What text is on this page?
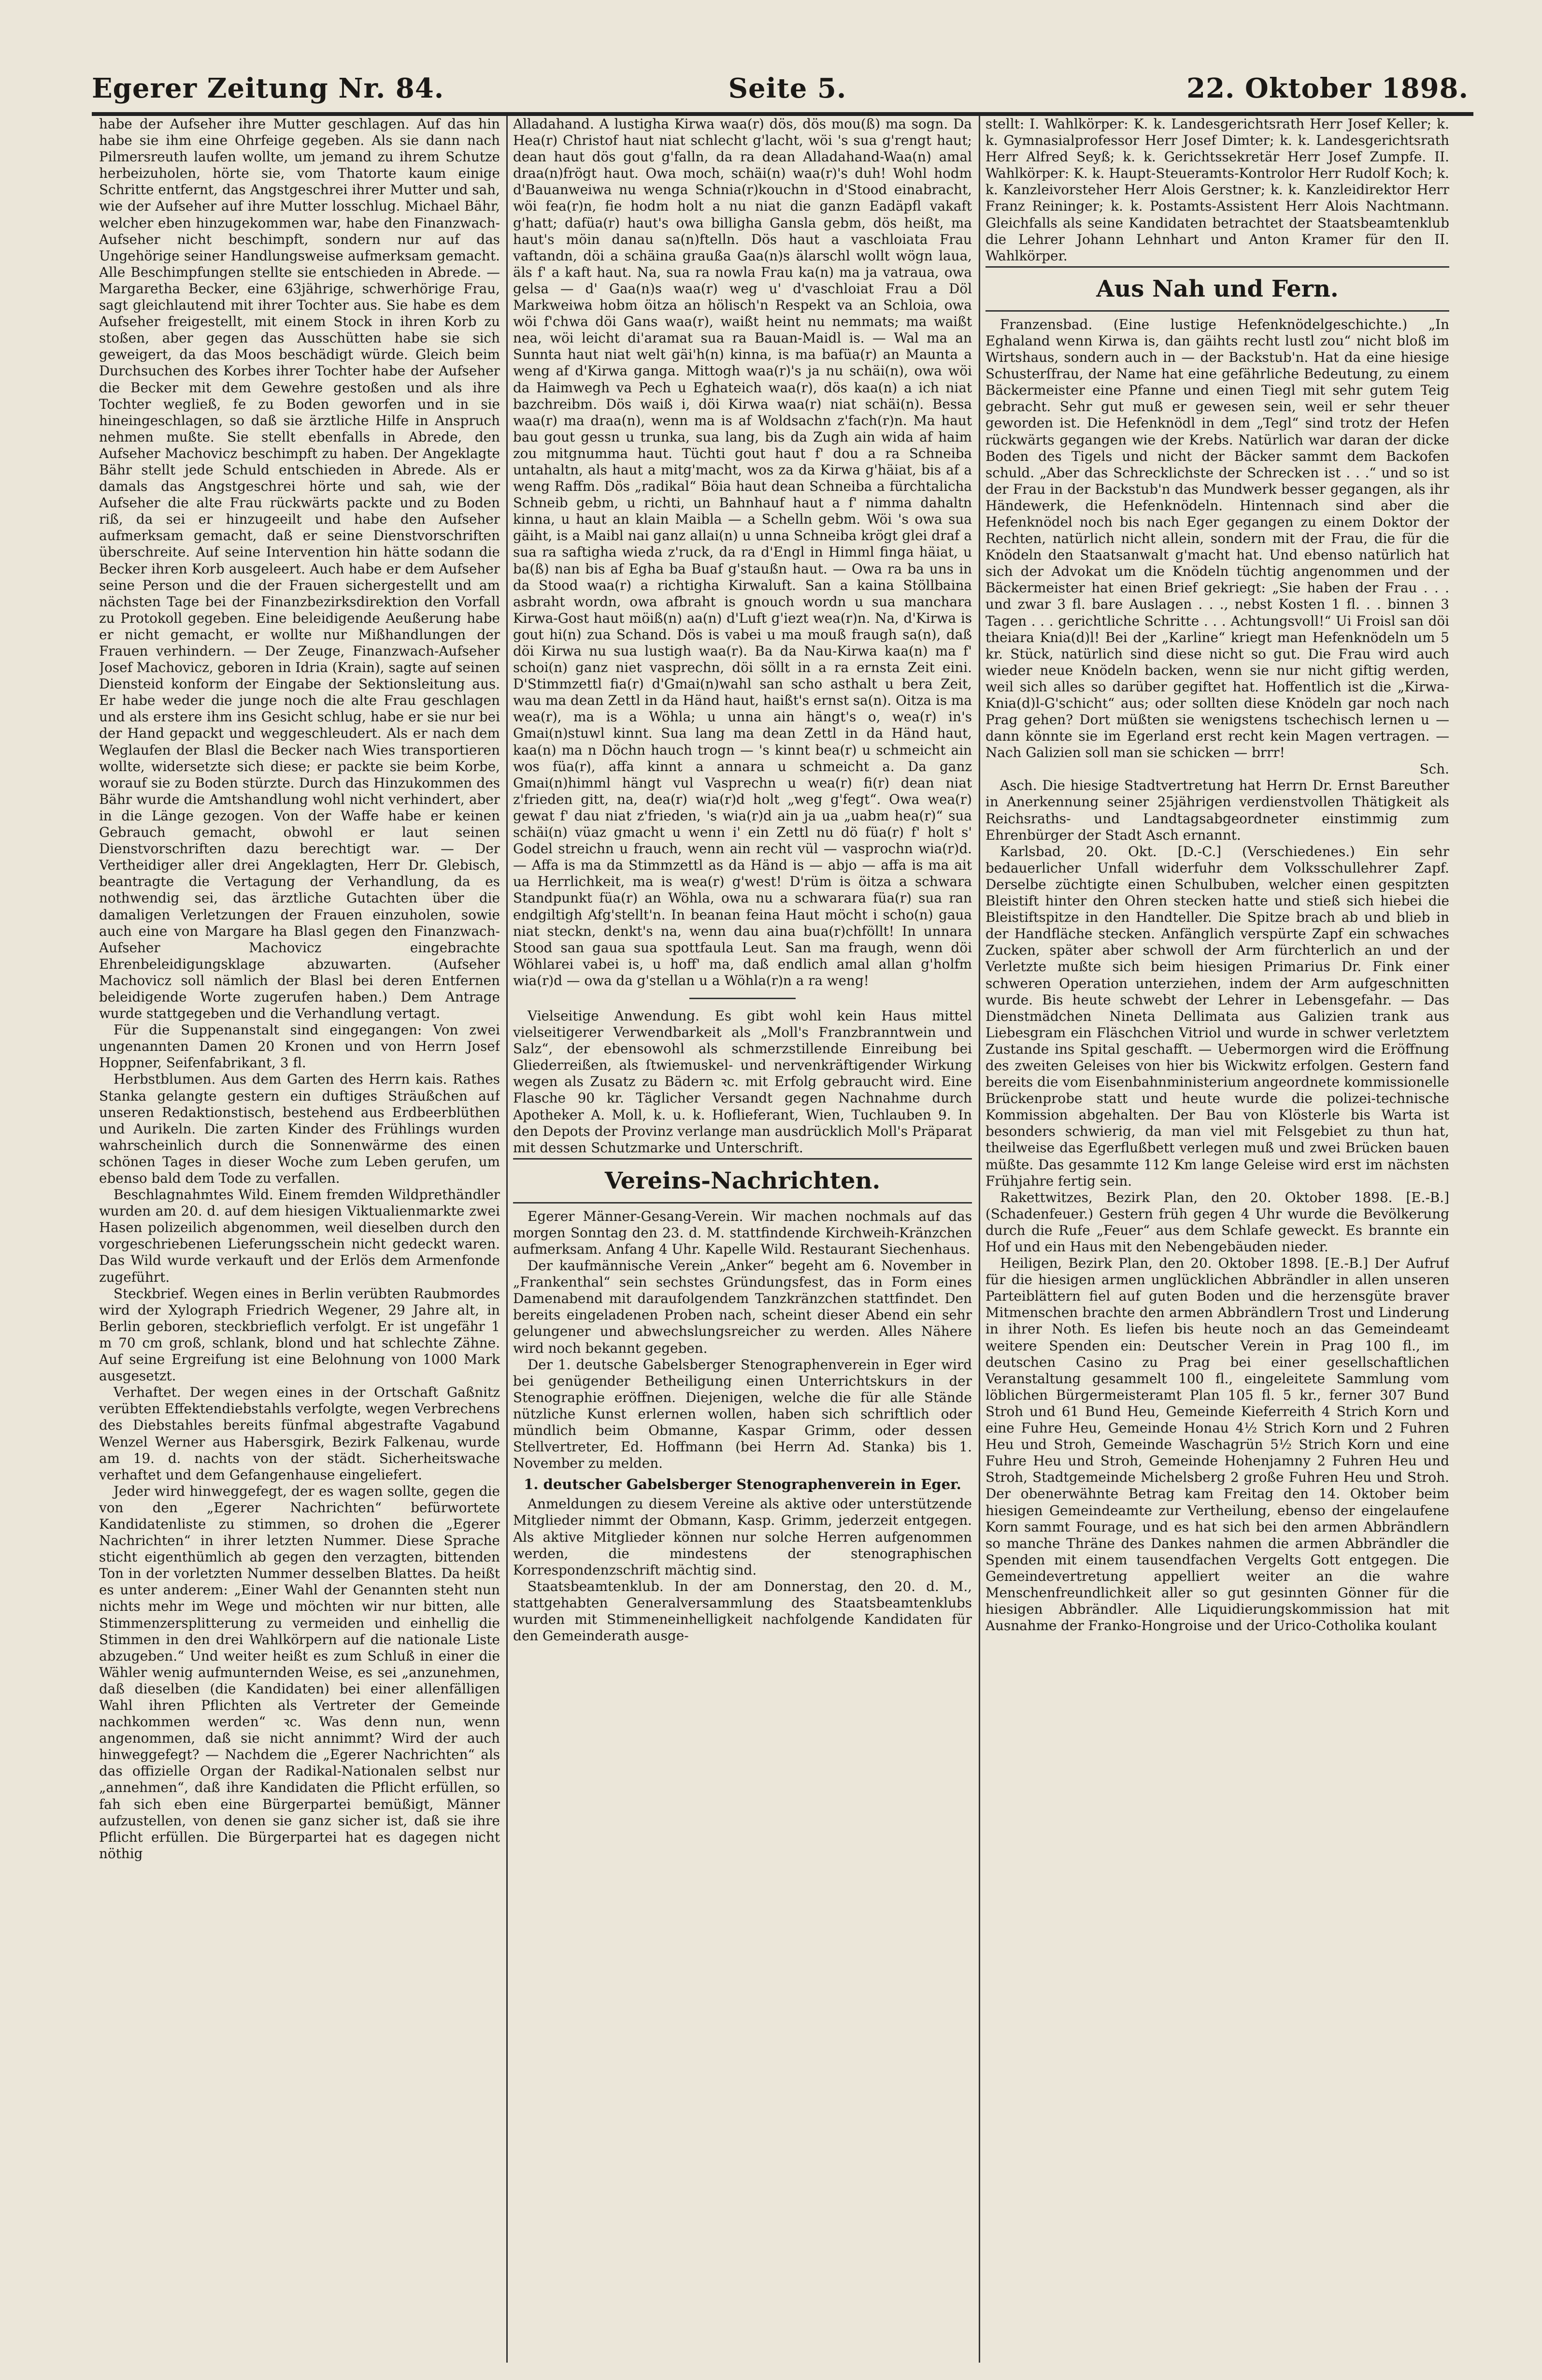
Egerer Zeitung Nr. 84.	Seite 5.	22. Oktober 1898.

habe der Aufseher ihre Mutter geschlagen. Auf das hin habe sie ihm eine Ohrfeige gegeben. Als sie dann nach Pilmersreuth laufen wollte, um jemand zu ihrem Schutze herbeizuholen, hörte sie, vom Thatorte kaum einige Schritte entfernt, das Angstgeschrei ihrer Mutter und sah, wie der Aufseher auf ihre Mutter losschlug. Michael Bähr, welcher eben hinzugekommen war, habe den Finanzwach-Aufseher nicht beschimpft, sondern nur auf das Ungehörige seiner Handlungsweise aufmerksam gemacht. Alle Beschimpfungen stellte sie entschieden in Abrede. — Margaretha Becker, eine 63jährige, schwerhörige Frau, sagt gleichlautend mit ihrer Tochter aus. Sie habe es dem Aufseher freigestellt, mit einem Stock in ihren Korb zu stoßen, aber gegen das Ausschütten habe sie sich geweigert, da das Moos beschädigt würde. Gleich beim Durchsuchen des Korbes ihrer Tochter habe der Aufseher die Becker mit dem Gewehre gestoßen und als ihre Tochter wegließ, fe zu Boden geworfen und in sie hineingeschlagen, so daß sie ärztliche Hilfe in Anspruch nehmen mußte. Sie stellt ebenfalls in Abrede, den Aufseher Machovicz beschimpft zu haben. Der Angeklagte Bähr stellt jede Schuld entschieden in Abrede. Als er damals das Angstgeschrei hörte und sah, wie der Aufseher die alte Frau rückwärts packte und zu Boden riß, da sei er hinzugeeilt und habe den Aufseher aufmerksam gemacht, daß er seine Dienstvorschriften überschreite. Auf seine Intervention hin hätte sodann die Becker ihren Korb ausgeleert. Auch habe er dem Aufseher seine Person und die der Frauen sichergestellt und am nächsten Tage bei der Finanzbezirksdirektion den Vorfall zu Protokoll gegeben. Eine beleidigende Aeußerung habe er nicht gemacht, er wollte nur Mißhandlungen der Frauen verhindern. — Der Zeuge, Finanzwach-Aufseher Josef Machovicz, geboren in Idria (Krain), sagte auf seinen Diensteid konform der Eingabe der Sektionsleitung aus. Er habe weder die junge noch die alte Frau geschlagen und als erstere ihm ins Gesicht schlug, habe er sie nur bei der Hand gepackt und weggeschleudert. Als er nach dem Weglaufen der Blasl die Becker nach Wies transportieren wollte, widersetzte sich diese; er packte sie beim Korbe, worauf sie zu Boden stürzte. Durch das Hinzukommen des Bähr wurde die Amtshandlung wohl nicht verhindert, aber in die Länge gezogen. Von der Waffe habe er keinen Gebrauch gemacht, obwohl er laut seinen Dienstvorschriften dazu berechtigt war. — Der Vertheidiger aller drei Angeklagten, Herr Dr. Glebisch, beantragte die Vertagung der Verhandlung, da es nothwendig sei, das ärztliche Gutachten über die damaligen Verletzungen der Frauen einzuholen, sowie auch eine von Margare ha Blasl gegen den Finanzwach-Aufseher Machovicz eingebrachte Ehrenbeleidigungsklage abzuwarten. (Aufseher Machovicz soll nämlich der Blasl bei deren Entfernen beleidigende Worte zugerufen haben.) Dem Antrage wurde stattgegeben und die Verhandlung vertagt.

Für die Suppenanstalt sind eingegangen: Von zwei ungenannten Damen 20 Kronen und von Herrn Josef Hoppner, Seifenfabrikant, 3 fl.

Herbstblumen. Aus dem Garten des Herrn kais. Rathes Stanka gelangte gestern ein duftiges Sträußchen auf unseren Redaktionstisch, bestehend aus Erdbeerblüthen und Aurikeln. Die zarten Kinder des Frühlings wurden wahrscheinlich durch die Sonnenwärme des einen schönen Tages in dieser Woche zum Leben gerufen, um ebenso bald dem Tode zu verfallen.

Beschlagnahmtes Wild. Einem fremden Wildprethändler wurden am 20. d. auf dem hiesigen Viktualienmarkte zwei Hasen polizeilich abgenommen, weil dieselben durch den vorgeschriebenen Lieferungsschein nicht gedeckt waren. Das Wild wurde verkauft und der Erlös dem Armenfonde zugeführt.

Steckbrief. Wegen eines in Berlin verübten Raubmordes wird der Xylograph Friedrich Wegener, 29 Jahre alt, in Berlin geboren, steckbrieflich verfolgt. Er ist ungefähr 1 m 70 cm groß, schlank, blond und hat schlechte Zähne. Auf seine Ergreifung ist eine Belohnung von 1000 Mark ausgesetzt.

Verhaftet. Der wegen eines in der Ortschaft Gaßnitz verübten Effektendiebstahls verfolgte, wegen Verbrechens des Diebstahles bereits fünfmal abgestrafte Vagabund Wenzel Werner aus Habersgirk, Bezirk Falkenau, wurde am 19. d. nachts von der städt. Sicherheitswache verhaftet und dem Gefangenhause eingeliefert.

Jeder wird hinweggefegt, der es wagen sollte, gegen die von den „Egerer Nachrichten“ befürwortete Kandidatenliste zu stimmen, so drohen die „Egerer Nachrichten“ in ihrer letzten Nummer. Diese Sprache sticht eigenthümlich ab gegen den verzagten, bittenden Ton in der vorletzten Nummer desselben Blattes. Da heißt es unter anderem: „Einer Wahl der Genannten steht nun nichts mehr im Wege und möchten wir nur bitten, alle Stimmenzersplitterung zu vermeiden und einhellig die Stimmen in den drei Wahlkörpern auf die nationale Liste abzugeben.“ Und weiter heißt es zum Schluß in einer die Wähler wenig aufmunternden Weise, es sei „anzunehmen, daß dieselben (die Kandidaten) bei einer allenfälligen Wahl ihren Pflichten als Vertreter der Gemeinde nachkommen werden“ ꝛc. Was denn nun, wenn angenommen, daß sie nicht annimmt? Wird der auch hinweggefegt? — Nachdem die „Egerer Nachrichten“ als das offizielle Organ der Radikal-Nationalen selbst nur „annehmen“, daß ihre Kandidaten die Pflicht erfüllen, so fah sich eben eine Bürgerpartei bemüßigt, Männer aufzustellen, von denen sie ganz sicher ist, daß sie ihre Pflicht erfüllen. Die Bürgerpartei hat es dagegen nicht nöthig

Alladahand. A lustigha Kirwa waa(r) dös, dös mou(ß) ma sogn. Da Hea(r) Christof haut niat schlecht g'lacht, wöi 's sua g'rengt haut; dean haut dös gout g'falln, da ra dean Alladahand-Waa(n) amal draa(n)frögt haut. Owa moch, schäi(n) waa(r)'s duh! Wohl hodm d'Bauanweiwa nu wenga Schnia(r)kouchn in d'Stood einabracht, wöi fea(r)n, fie hodm holt a nu niat die ganzn Eadäpfl vakaft g'hatt; dafüa(r) haut's owa billigha Gansla gebm, dös heißt, ma haut's möin danau sa(n)ftelln. Dös haut a vaschloiata Frau vaftandn, döi a schäina graußa Gaa(n)s älarschl wollt wögn laua, äls f' a kaft haut. Na, sua ra nowla Frau ka(n) ma ja vatraua, owa gelsa — d' Gaa(n)s waa(r) weg u' d'vaschloiat Frau a Döl Markweiwa hobm öitza an hölisch'n Respekt va an Schloia, owa wöi f'chwa döi Gans waa(r), waißt heint nu nemmats; ma waißt nea, wöi leicht di'aramat sua ra Bauan-Maidl is. — Wal ma an Sunnta haut niat welt gäi'h(n) kinna, is ma bafüa(r) an Maunta a weng af d'Kirwa ganga. Mittogh waa(r)'s ja nu schäi(n), owa wöi da Haimwegh va Pech u Eghateich waa(r), dös kaa(n) a ich niat bazchreibm. Dös waiß i, döi Kirwa waa(r) niat schäi(n). Bessa waa(r) ma draa(n), wenn ma is af Woldsachn z'fach(r)n. Ma haut bau gout gessn u trunka, sua lang, bis da Zugh ain wida af haim zou mitgnumma haut. Tüchti gout haut f' dou a ra Schneiba untahaltn, als haut a mitg'macht, wos za da Kirwa g'häiat, bis af a weng Raffm. Dös „radikal“ Böia haut dean Schneiba a fürchtalicha Schneib gebm, u richti, un Bahnhauf haut a f' nimma dahaltn kinna, u haut an klain Maibla — a Schelln gebm. Wöi 's owa sua gäiht, is a Maibl nai ganz allai(n) u unna Schneiba krögt glei draf a sua ra saftigha wieda z'ruck, da ra d'Engl in Himml finga häiat, u ba(ß) nan bis af Egha ba Buaf g'staußn haut. — Owa ra ba uns in da Stood waa(r) a richtigha Kirwaluft. San a kaina Stöllbaina asbraht wordn, owa afbraht is gnouch wordn u sua manchara Kirwa-Gost haut möiß(n) aa(n) d'Luft g'iezt wea(r)n. Na, d'Kirwa is gout hi(n) zua Schand. Dös is vabei u ma mouß fraugh sa(n), daß döi Kirwa nu sua lustigh waa(r). Ba da Nau-Kirwa kaa(n) ma f' schoi(n) ganz niet vasprechn, döi söllt in a ra ernsta Zeit eini. D'Stimmzettl fia(r) d'Gmai(n)wahl san scho asthalt u bera Zeit, wau ma dean Zettl in da Händ haut, haißt's ernst sa(n). Oitza is ma wea(r), ma is a Wöhla; u unna ain hängt's o, wea(r) in's Gmai(n)stuwl kinnt. Sua lang ma dean Zettl in da Händ haut, kaa(n) ma n Döchn hauch trogn — 's kinnt bea(r) u schmeicht ain wos füa(r), affa kinnt a annara u schmeicht a. Da ganz Gmai(n)himml hängt vul Vasprechn u wea(r) fi(r) dean niat z'frieden gitt, na, dea(r) wia(r)d holt „weg g'fegt“. Owa wea(r) gewat f' dau niat z'frieden, 's wia(r)d ain ja ua „uabm hea(r)“ sua schäi(n) vüaz gmacht u wenn i' ein Zettl nu dö füa(r) f' holt s' Godel streichn u frauch, wenn ain recht vül — vasprochn wia(r)d. — Affa is ma da Stimmzettl as da Händ is — abjo — affa is ma ait ua Herrlichkeit, ma is wea(r) g'west! D'rüm is öitza a schwara Standpunkt füa(r) an Wöhla, owa nu a schwarara füa(r) sua ran endgiltigh Afg'stellt'n. In beanan feina Haut möcht i scho(n) gaua niat steckn, denkt's na, wenn dau aina bua(r)chföllt! In unnara Stood san gaua sua spottfaula Leut. San ma fraugh, wenn döi Wöhlarei vabei is, u hoff' ma, daß endlich amal allan g'holfm wia(r)d — owa da g'stellan u a Wöhla(r)n a ra weng!

Vielseitige Anwendung. Es gibt wohl kein Haus mittel vielseitigerer Verwendbarkeit als „Moll's Franzbranntwein und Salz“, der ebensowohl als schmerzstillende Einreibung bei Gliederreißen, als ſtwiemuskel- und nervenkräftigender Wirkung wegen als Zusatz zu Bädern ꝛc. mit Erfolg gebraucht wird. Eine Flasche 90 kr. Täglicher Versandt gegen Nachnahme durch Apotheker A. Moll, k. u. k. Hoflieferant, Wien, Tuchlauben 9. In den Depots der Provinz verlange man ausdrücklich Moll's Präparat mit dessen Schutzmarke und Unterschrift.

Vereins-Nachrichten.

Egerer Männer-Gesang-Verein. Wir machen nochmals auf das morgen Sonntag den 23. d. M. stattfindende Kirchweih-Kränzchen aufmerksam. Anfang 4 Uhr. Kapelle Wild. Restaurant Siechenhaus.

Der kaufmännische Verein „Anker“ begeht am 6. November in „Frankenthal“ sein sechstes Gründungsfest, das in Form eines Damenabend mit daraufolgendem Tanzkränzchen stattfindet. Den bereits eingeladenen Proben nach, scheint dieser Abend ein sehr gelungener und abwechslungsreicher zu werden. Alles Nähere wird noch bekannt gegeben.

Der 1. deutsche Gabelsberger Stenographenverein in Eger wird bei genügender Betheiligung einen Unterrichtskurs in der Stenographie eröffnen. Diejenigen, welche die für alle Stände nützliche Kunst erlernen wollen, haben sich schriftlich oder mündlich beim Obmanne, Kaspar Grimm, oder dessen Stellvertreter, Ed. Hoffmann (bei Herrn Ad. Stanka) bis 1. November zu melden.

1. deutscher Gabelsberger Stenographenverein in Eger.

Anmeldungen zu diesem Vereine als aktive oder unterstützende Mitglieder nimmt der Obmann, Kasp. Grimm, jederzeit entgegen. Als aktive Mitglieder können nur solche Herren aufgenommen werden, die mindestens der stenographischen Korrespondenzschrift mächtig sind.

Staatsbeamtenklub. In der am Donnerstag, den 20. d. M., stattgehabten Generalversammlung des Staatsbeamtenklubs wurden mit Stimmeneinhelligkeit nachfolgende Kandidaten für den Gemeinderath ausge-

stellt: I. Wahlkörper: K. k. Landesgerichtsrath Herr Josef Keller; k. k. Gymnasialprofessor Herr Josef Dimter; k. k. Landesgerichtsrath Herr Alfred Seyß; k. k. Gerichtssekretär Herr Josef Zumpfe. II. Wahlkörper: K. k. Haupt-Steueramts-Kontrolor Herr Rudolf Koch; k. k. Kanzleivorsteher Herr Alois Gerstner; k. k. Kanzleidirektor Herr Franz Reininger; k. k. Postamts-Assistent Herr Alois Nachtmann. Gleichfalls als seine Kandidaten betrachtet der Staatsbeamtenklub die Lehrer Johann Lehnhart und Anton Kramer für den II. Wahlkörper.

Aus Nah und Fern.

Franzensbad. (Eine lustige Hefenknödelgeschichte.) „In Eghaland wenn Kirwa is, dan gäihts recht lustl zou“ nicht bloß im Wirtshaus, sondern auch in — der Backstub'n. Hat da eine hiesige Schusterſfrau, der Name hat eine gefährliche Bedeutung, zu einem Bäckermeister eine Pfanne und einen Tiegl mit sehr gutem Teig gebracht. Sehr gut muß er gewesen sein, weil er sehr theuer geworden ist. Die Hefenknödl in dem „Tegl“ sind trotz der Hefen rückwärts gegangen wie der Krebs. Natürlich war daran der dicke Boden des Tigels und nicht der Bäcker sammt dem Backofen schuld. „Aber das Schrecklichste der Schrecken ist . . .“ und so ist der Frau in der Backstub'n das Mundwerk besser gegangen, als ihr Händewerk, die Hefenknödeln. Hintennach sind aber die Hefenknödel noch bis nach Eger gegangen zu einem Doktor der Rechten, natürlich nicht allein, sondern mit der Frau, die für die Knödeln den Staatsanwalt g'macht hat. Und ebenso natürlich hat sich der Advokat um die Knödeln tüchtig angenommen und der Bäckermeister hat einen Brief gekriegt: „Sie haben der Frau . . . und zwar 3 fl. bare Auslagen . . ., nebst Kosten 1 fl. . . binnen 3 Tagen . . . gerichtliche Schritte . . . Achtungsvoll!“ Ui Froisl san döi theiara Knia(d)l! Bei der „Karline“ kriegt man Hefenknödeln um 5 kr. Stück, natürlich sind diese nicht so gut. Die Frau wird auch wieder neue Knödeln backen, wenn sie nur nicht giftig werden, weil sich alles so darüber gegiftet hat. Hoffentlich ist die „Kirwa-Knia(d)l-G'schicht“ aus; oder sollten diese Knödeln gar noch nach Prag gehen? Dort müßten sie wenigstens tschechisch lernen u — dann könnte sie im Egerland erst recht kein Magen vertragen. — Nach Galizien soll man sie schicken — brrr!

Sch.

Asch. Die hiesige Stadtvertretung hat Herrn Dr. Ernst Bareuther in Anerkennung seiner 25jährigen verdienstvollen Thätigkeit als Reichsraths- und Landtagsabgeordneter einstimmig zum Ehrenbürger der Stadt Asch ernannt.

Karlsbad, 20. Okt. [D.-C.] (Verschiedenes.) Ein sehr bedauerlicher Unfall widerfuhr dem Volksschullehrer Zapf. Derselbe züchtigte einen Schulbuben, welcher einen gespitzten Bleistift hinter den Ohren stecken hatte und stieß sich hiebei die Bleistiftspitze in den Handteller. Die Spitze brach ab und blieb in der Handfläche stecken. Anfänglich verspürte Zapf ein schwaches Zucken, später aber schwoll der Arm fürchterlich an und der Verletzte mußte sich beim hiesigen Primarius Dr. Fink einer schweren Operation unterziehen, indem der Arm aufgeschnitten wurde. Bis heute schwebt der Lehrer in Lebensgefahr. — Das Dienstmädchen Nineta Dellimata aus Galizien trank aus Liebesgram ein Fläschchen Vitriol und wurde in schwer verletztem Zustande ins Spital geschafft. — Uebermorgen wird die Eröffnung des zweiten Geleises von hier bis Wickwitz erfolgen. Gestern fand bereits die vom Eisenbahnministerium angeordnete kommissionelle Brückenprobe statt und heute wurde die polizei-technische Kommission abgehalten. Der Bau von Klösterle bis Warta ist besonders schwierig, da man viel mit Felsgebiet zu thun hat, theilweise das Egerflußbett verlegen muß und zwei Brücken bauen müßte. Das gesammte 112 Km lange Geleise wird erst im nächsten Frühjahre fertig sein.

Rakettwitzes, Bezirk Plan, den 20. Oktober 1898. [E.-B.] (Schadenfeuer.) Gestern früh gegen 4 Uhr wurde die Bevölkerung durch die Rufe „Feuer“ aus dem Schlafe geweckt. Es brannte ein Hof und ein Haus mit den Nebengebäuden nieder.

Heiligen, Bezirk Plan, den 20. Oktober 1898. [E.-B.] Der Aufruf für die hiesigen armen unglücklichen Abbrändler in allen unseren Parteiblättern fiel auf guten Boden und die herzensgüte braver Mitmenschen brachte den armen Abbrändlern Trost und Linderung in ihrer Noth. Es liefen bis heute noch an das Gemeindeamt weitere Spenden ein: Deutscher Verein in Prag 100 fl., im deutschen Casino zu Prag bei einer gesellschaftlichen Veranstaltung gesammelt 100 fl., eingeleitete Sammlung vom löblichen Bürgermeisteramt Plan 105 fl. 5 kr., ferner 307 Bund Stroh und 61 Bund Heu, Gemeinde Kieferreith 4 Strich Korn und eine Fuhre Heu, Gemeinde Honau 4½ Strich Korn und 2 Fuhren Heu und Stroh, Gemeinde Waschagrün 5½ Strich Korn und eine Fuhre Heu und Stroh, Gemeinde Hohenjamny 2 Fuhren Heu und Stroh, Stadtgemeinde Michelsberg 2 große Fuhren Heu und Stroh. Der obenerwähnte Betrag kam Freitag den 14. Oktober beim hiesigen Gemeindeamte zur Vertheilung, ebenso der eingelaufene Korn sammt Fourage, und es hat sich bei den armen Abbrändlern so manche Thräne des Dankes nahmen die armen Abbrändler die Spenden mit einem tausendfachen Vergelts Gott entgegen. Die Gemeindevertretung appelliert weiter an die wahre Menschenfreundlichkeit aller so gut gesinnten Gönner für die hiesigen Abbrändler. Alle Liquidierungskommission hat mit Ausnahme der Franko-Hongroise und der Urico-Cotholika koulant
